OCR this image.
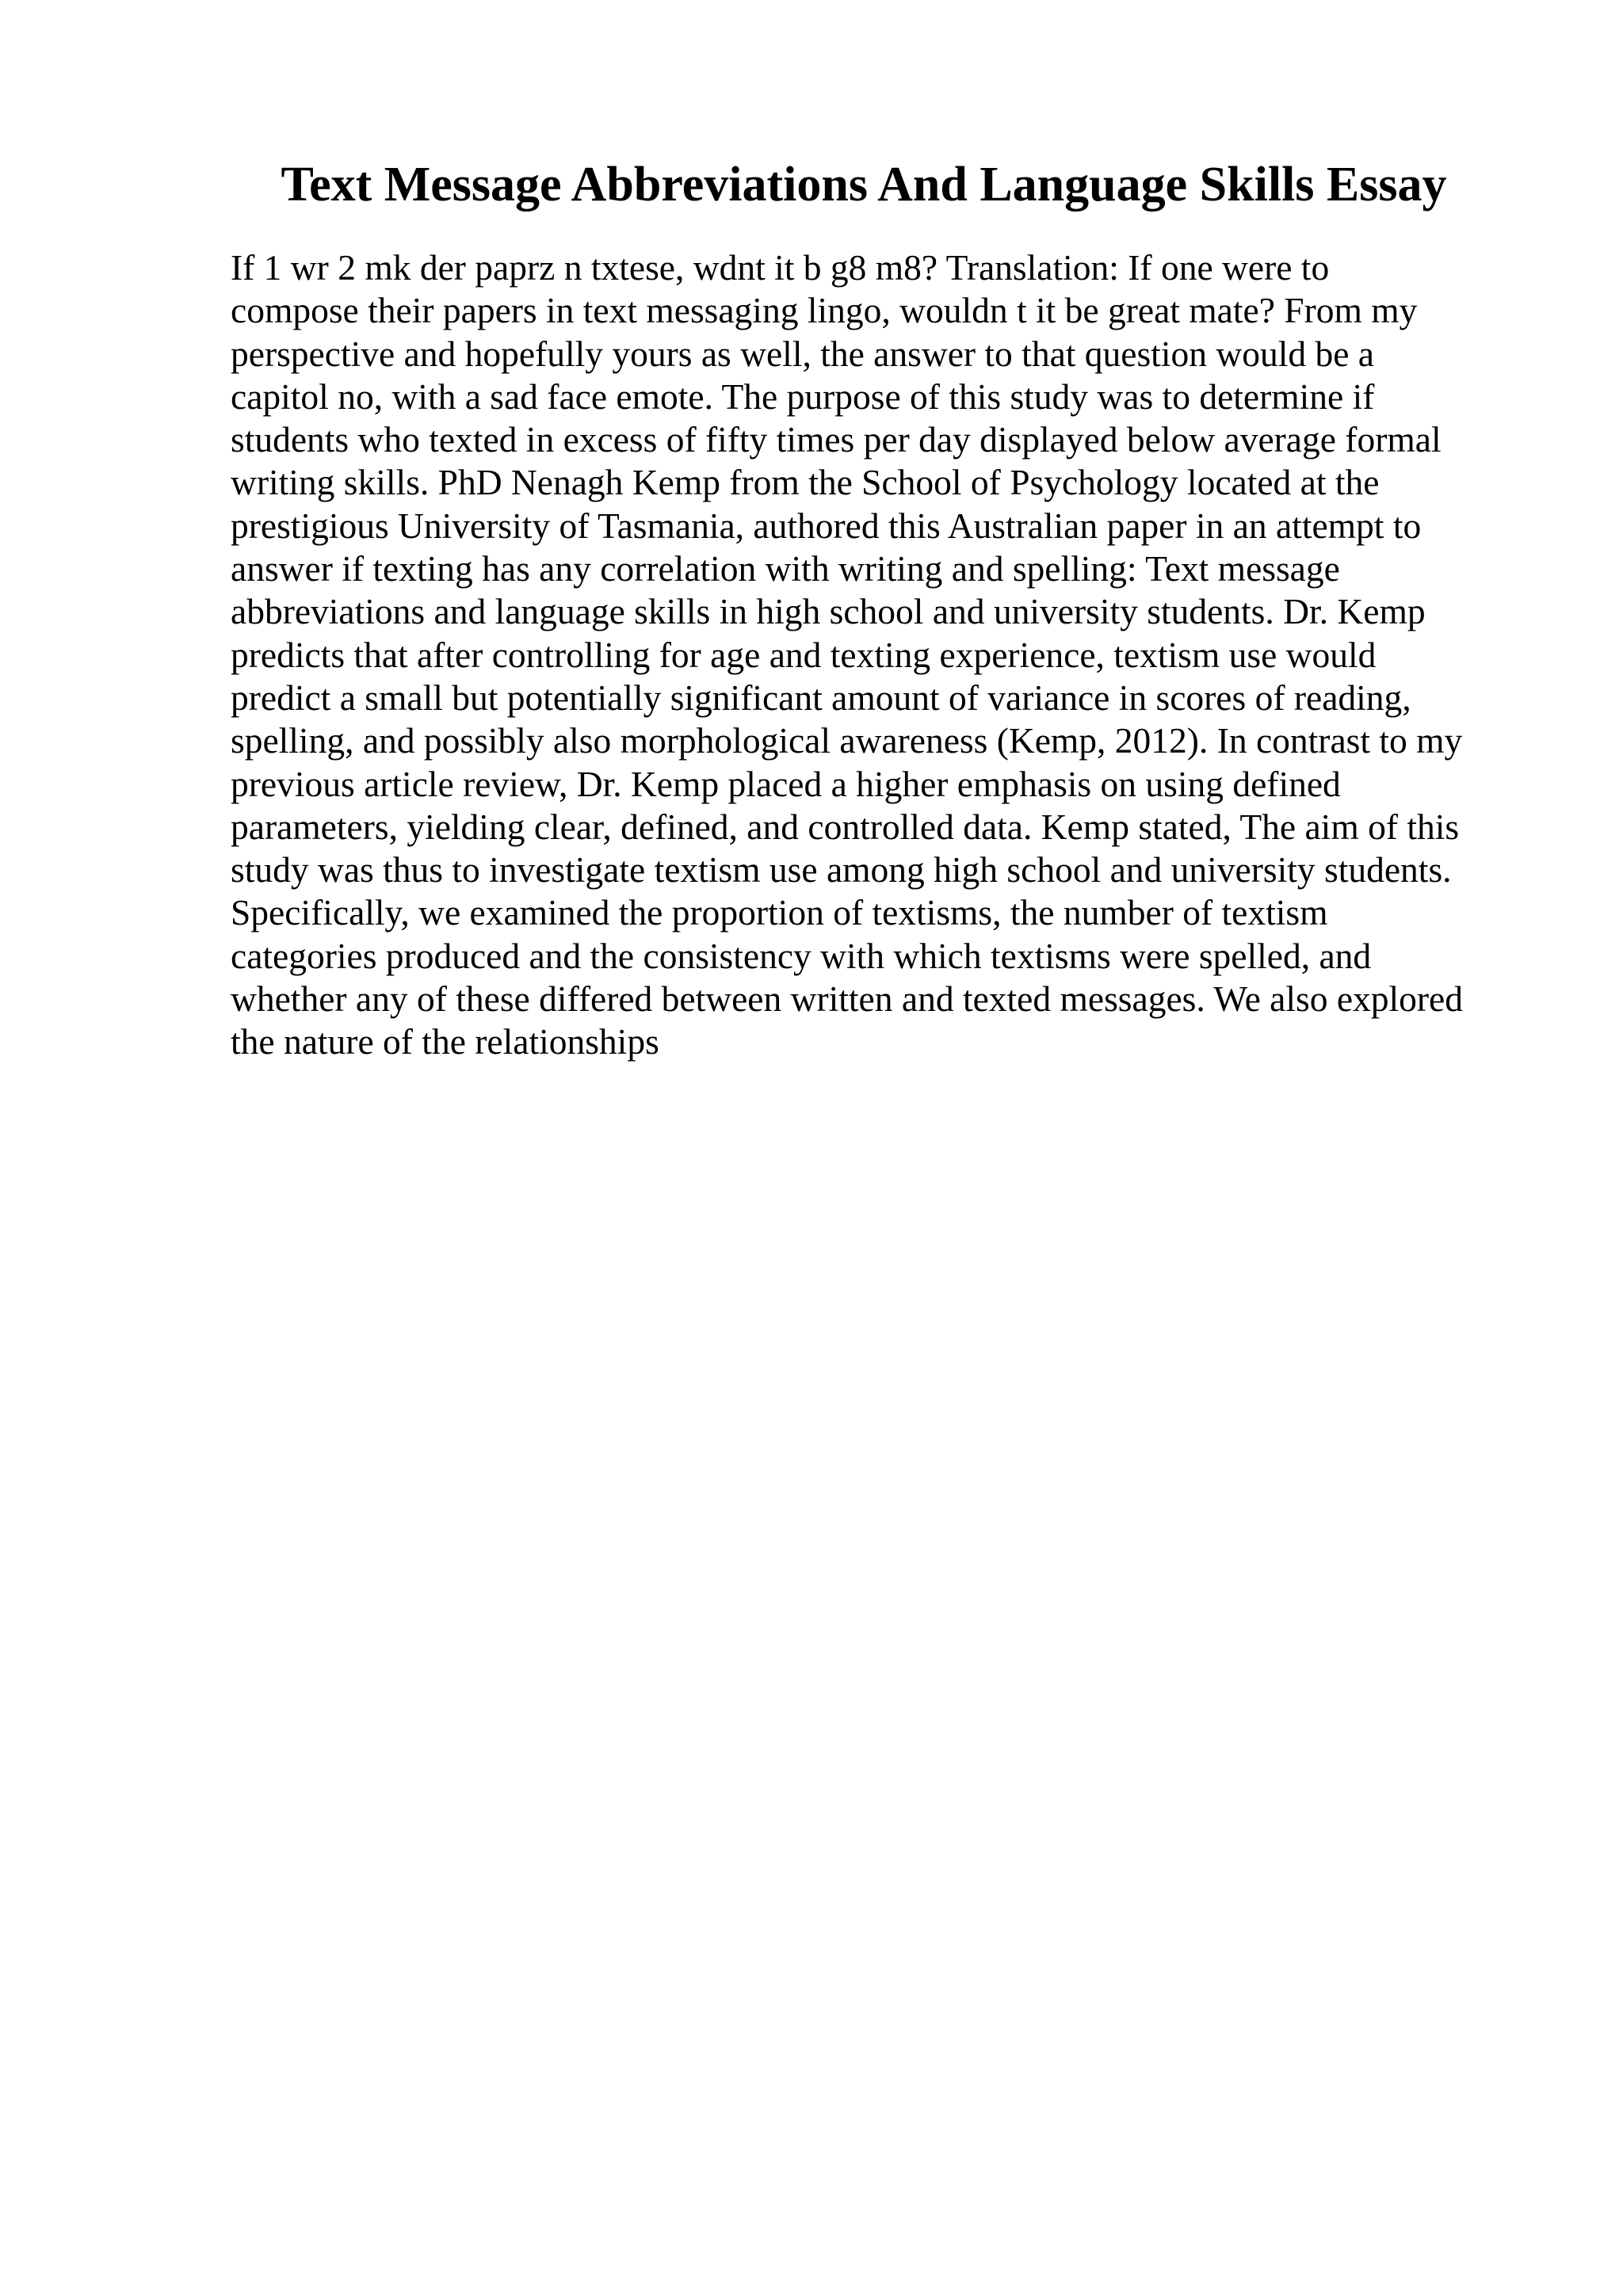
Text Message Abbreviations And Language Skills Essay
If 1 wr 2 mk der paprz n txtese, wdnt it b g8 m8? Translation: If one were to
compose their papers in text messaging lingo, wouldn t it be great mate? From my
perspective and hopefully yours as well, the answer to that question would be a
capitol no, with a sad face emote. The purpose of this study was to determine if
students who texted in excess of fifty times per day displayed below average formal
writing skills. PhD Nenagh Kemp from the School of Psychology located at the
prestigious University of Tasmania, authored this Australian paper in an attempt to
answer if texting has any correlation with writing and spelling: Text message
abbreviations and language skills in high school and university students. Dr. Kemp
predicts that after controlling for age and texting experience, textism use would
predict a small but potentially significant amount of variance in scores of reading,
spelling, and possibly also morphological awareness (Kemp, 2012). In contrast to my
previous article review, Dr. Kemp placed a higher emphasis on using defined
parameters, yielding clear, defined, and controlled data. Kemp stated, The aim of this
study was thus to investigate textism use among high school and university students.
Specifically, we examined the proportion of textisms, the number of textism
categories produced and the consistency with which textisms were spelled, and
whether any of these differed between written and texted messages. We also explored
the nature of the relationships
